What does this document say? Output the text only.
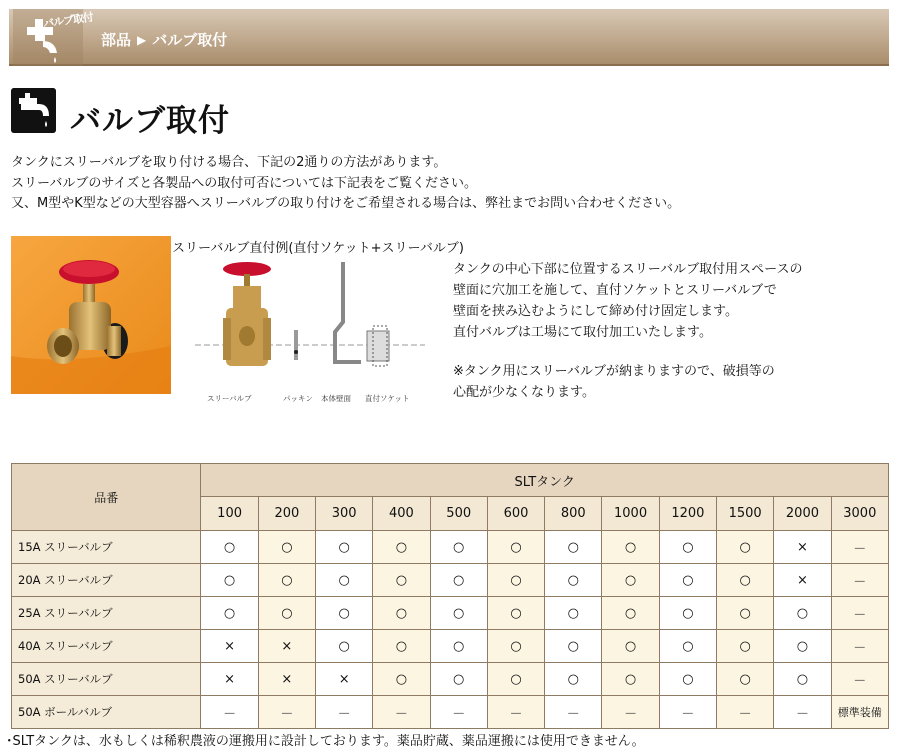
バルブ取付
部品 ▶ バルブ取付
バルブ取付
タンクにスリーバルブを取り付ける場合、下記の2通りの方法があります。
スリーバルブのサイズと各製品への取付可否については下記表をご覧ください。
又、M型やK型などの大型容器へスリーバルブの取り付けをご希望される場合は、弊社までお問い合わせください。
スリーバルブ直付例(直付ソケット+スリーバルブ)
スリーバルブ	パッキン 本体壁面 直付ソケット

タンクの中心下部に位置するスリーバルブ取付用スペースの

壁面に穴加工を施して、直付ソケットとスリーバルブで

壁面を挟み込むようにして締め付け固定します。

直付バルブは工場にて取付加工いたします。

※タンク用にスリーバルブが納まりますので、破損等の

心配が少なくなります。

品番	SLTタンク											
	100	200	300	400	500	600	800	1000	1200	1500	2000	3000
15A スリーバルブ	○	○	○	○	○	○	○	○	○	○	×	－
20A スリーバルブ	○	○	○	○	○	○	○	○	○	○	×	－
25A スリーバルブ	○	○	○	○	○	○	○	○	○	○	○	－
40A スリーバルブ	×	×	○	○	○	○	○	○	○	○	○	－
50A スリーバルブ	×	×	×	○	○	○	○	○	○	○	○	－
50A ボールバルブ	－	－	－	－	－	－	－	－	－	－	－	標準装備
･SLTタンクは、水もしくは稀釈農液の運搬用に設計しております。薬品貯蔵、薬品運搬には使用できません。
